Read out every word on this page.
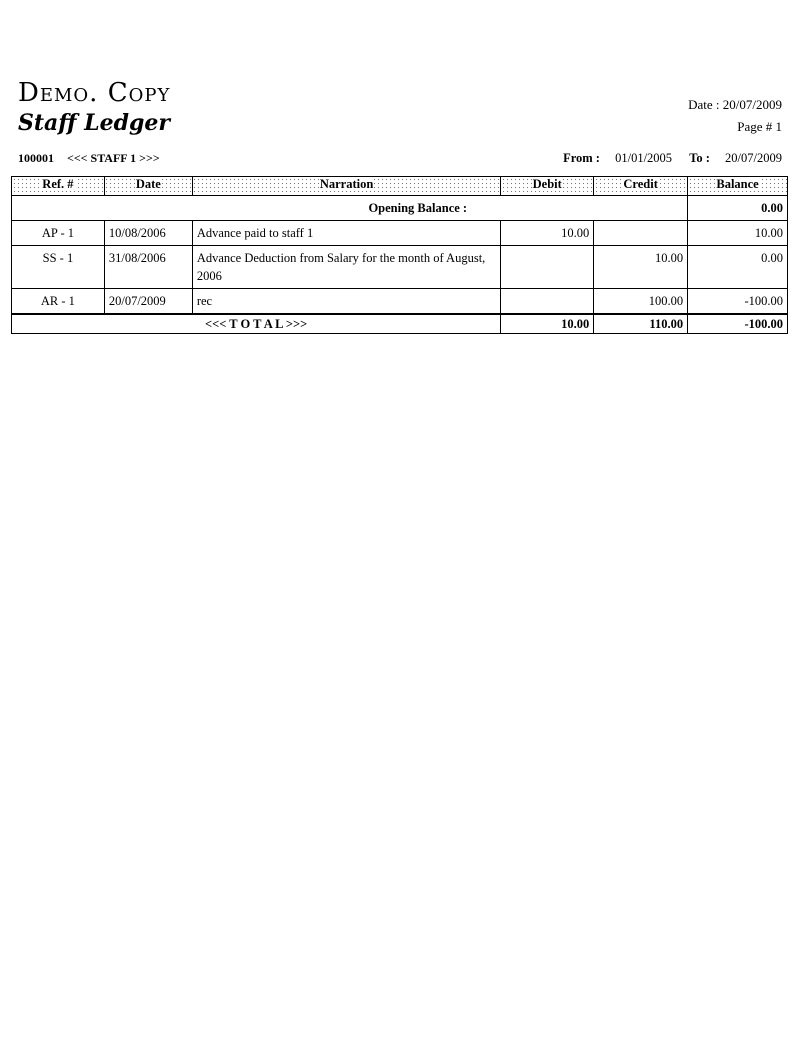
Demo. Copy
Staff Ledger
Date : 20/07/2009
Page # 1
100001 <<< STAFF 1 >>>	From : 01/01/2005 To : 20/07/2009
Ref. #	Date	Narration	Debit	Credit	Balance
Opening Balance :					0.00
AP - 1	10/08/2006	Advance paid to staff 1	10.00		10.00
SS - 1	31/08/2006	Advance Deduction from Salary for the month of August, 2006		10.00	0.00
AR - 1	20/07/2009	rec		100.00	-100.00
<<< T O T A L >>>			10.00	110.00	-100.00
